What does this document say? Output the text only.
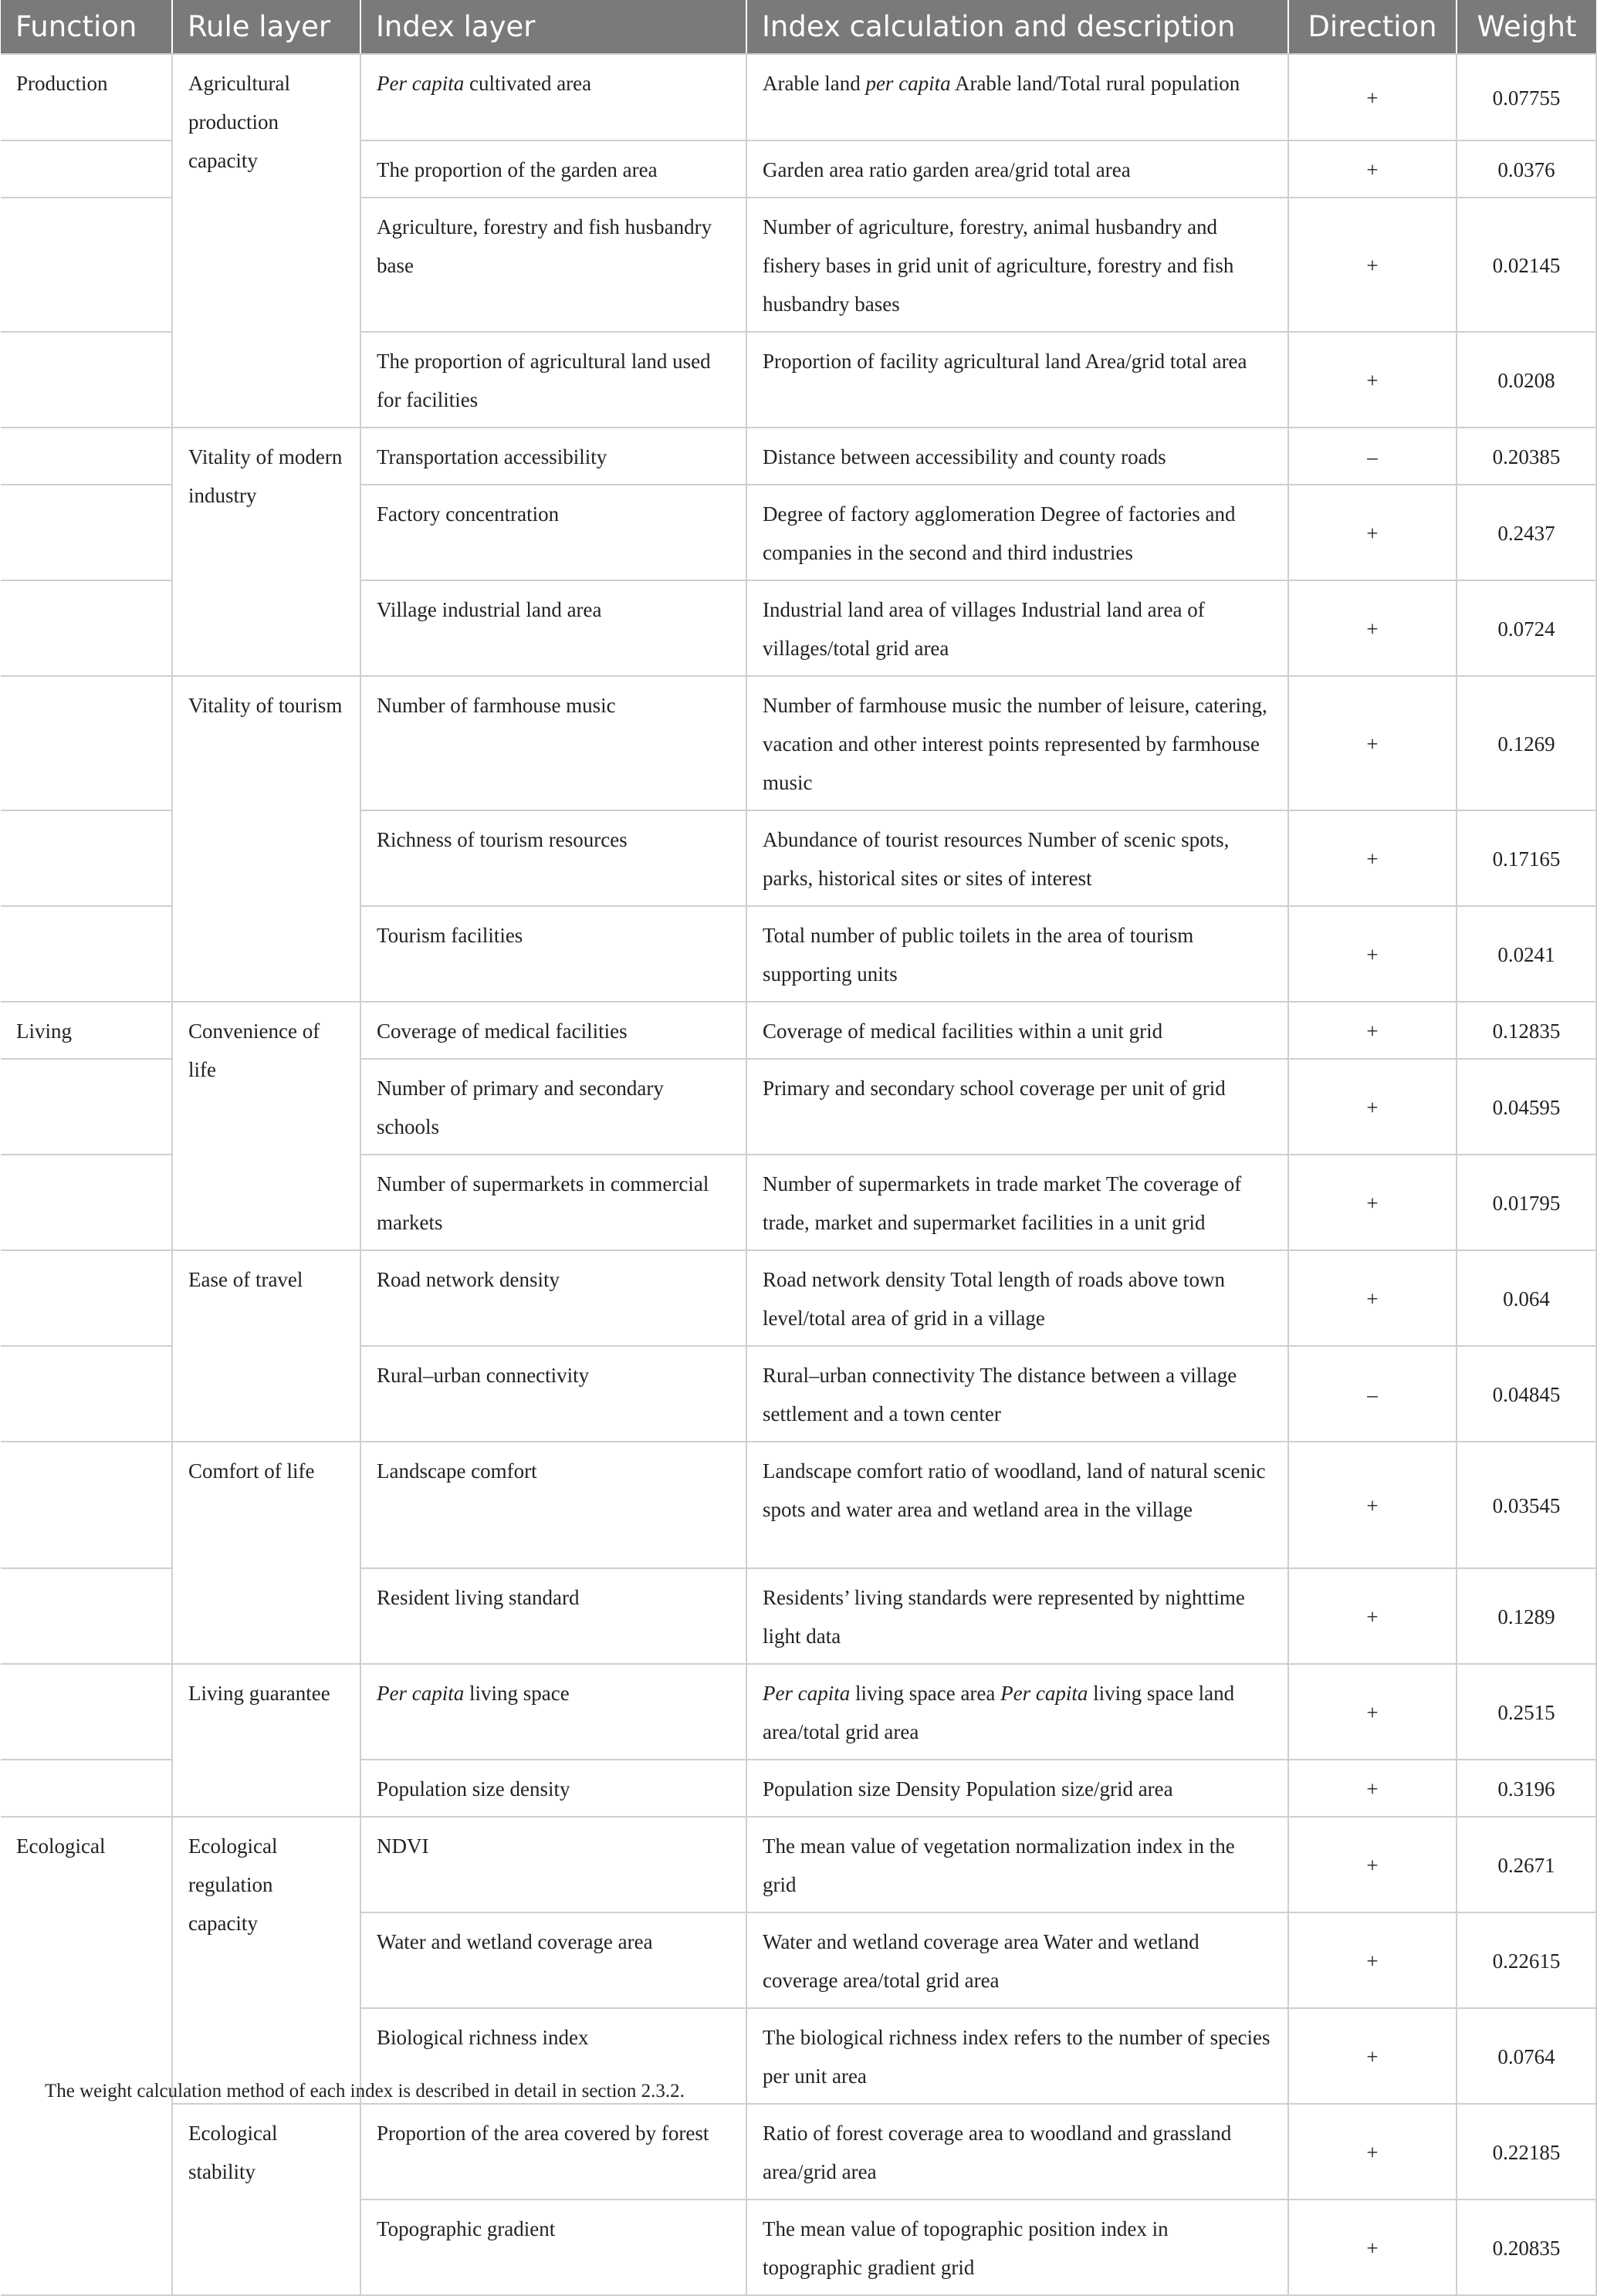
Function	Rule layer	Index layer	Index calculation and description	Direction	Weight
Production	Agricultural production capacity	Per capita cultivated area	Arable land per capita Arable land/Total rural population	+	0.07755
		The proportion of the garden area	Garden area ratio garden area/grid total area	+	0.0376
		Agriculture, forestry and fish husbandry base	Number of agriculture, forestry, animal husbandry and fishery bases in grid unit of agriculture, forestry and fish husbandry bases	+	0.02145
		The proportion of agricultural land used for facilities	Proportion of facility agricultural land Area/grid total area	+	0.0208
	Vitality of modern industry	Transportation accessibility	Distance between accessibility and county roads	–	0.20385
		Factory concentration	Degree of factory agglomeration Degree of factories and companies in the second and third industries	+	0.2437
		Village industrial land area	Industrial land area of villages Industrial land area of villages/total grid area	+	0.0724
	Vitality of tourism	Number of farmhouse music	Number of farmhouse music the number of leisure, catering, vacation and other interest points represented by farmhouse music	+	0.1269
		Richness of tourism resources	Abundance of tourist resources Number of scenic spots, parks, historical sites or sites of interest	+	0.17165
		Tourism facilities	Total number of public toilets in the area of tourism supporting units	+	0.0241
Living	Convenience of life	Coverage of medical facilities	Coverage of medical facilities within a unit grid	+	0.12835
		Number of primary and secondary schools	Primary and secondary school coverage per unit of grid	+	0.04595
		Number of supermarkets in commercial markets	Number of supermarkets in trade market The coverage of trade, market and supermarket facilities in a unit grid	+	0.01795
	Ease of travel	Road network density	Road network density Total length of roads above town level/total area of grid in a village	+	0.064
		Rural–urban connectivity	Rural–urban connectivity The distance between a village settlement and a town center	–	0.04845
	Comfort of life	Landscape comfort	Landscape comfort ratio of woodland, land of natural scenic spots and water area and wetland area in the village	+	0.03545
		Resident living standard	Residents’ living standards were represented by nighttime light data	+	0.1289
	Living guarantee	Per capita living space	Per capita living space area Per capita living space land area/total grid area	+	0.2515
		Population size density	Population size Density Population size/grid area	+	0.3196
Ecological	Ecological regulation capacity	NDVI	The mean value of vegetation normalization index in the grid	+	0.2671
		Water and wetland coverage area	Water and wetland coverage area Water and wetland coverage area/total grid area	+	0.22615
		Biological richness index	The biological richness index refers to the number of species per unit area	+	0.0764
	Ecological stability	Proportion of the area covered by forest	Ratio of forest coverage area to woodland and grassland area/grid area	+	0.22185
		Topographic gradient	The mean value of topographic position index in topographic gradient grid	+	0.20835
The weight calculation method of each index is described in detail in section 2.3.2.
